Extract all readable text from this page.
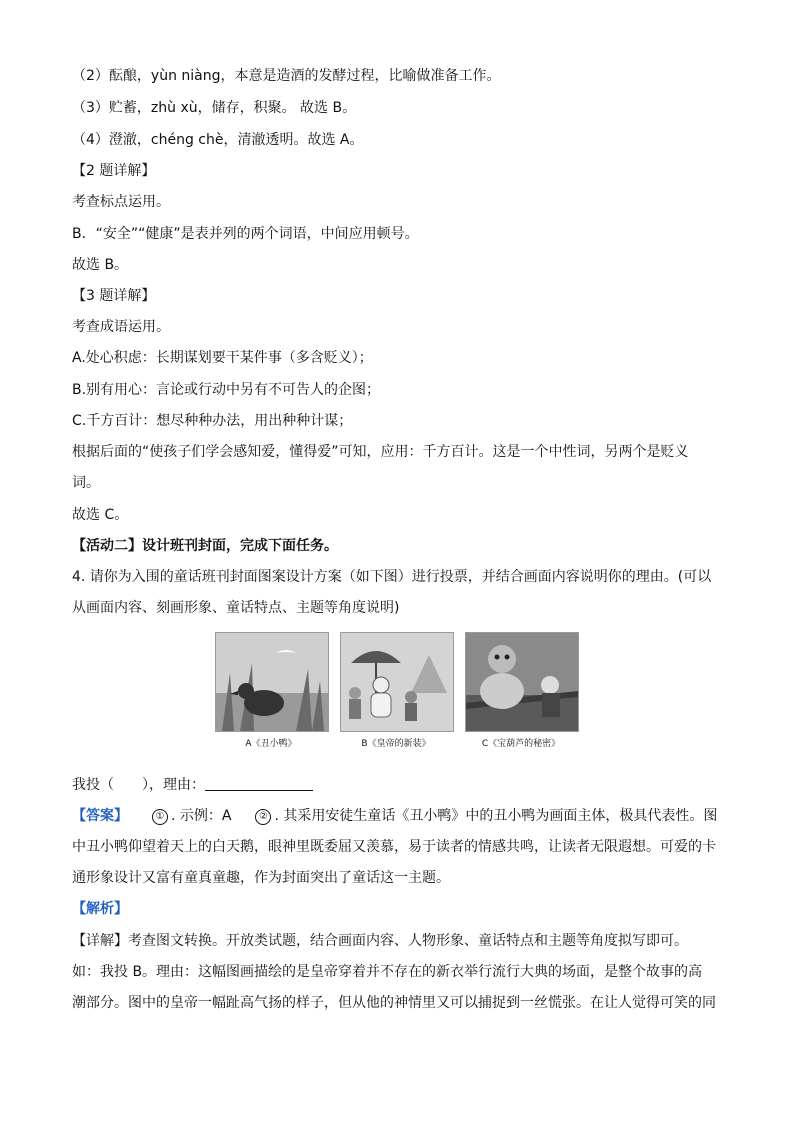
（2）酝酿，yùn niàng，本意是造酒的发酵过程，比喻做准备工作。
（3）贮蓄，zhù xù，储存，积聚。 故选 B。
（4）澄澈，chéng chè，清澈透明。故选 A。
【2 题详解】
考查标点运用。
B．“安全”“健康”是表并列的两个词语，中间应用顿号。
故选 B。
【3 题详解】
考查成语运用。
A.处心积虑：长期谋划要干某件事（多含贬义）；
B.别有用心：言论或行动中另有不可告人的企图；
C.千方百计：想尽种种办法，用出种种计谋；
根据后面的“使孩子们学会感知爱，懂得爱”可知，应用：千方百计。这是一个中性词，另两个是贬义
词。
故选 C。
【活动二】设计班刊封面，完成下面任务。
4. 请你为入围的童话班刊封面图案设计方案（如下图）进行投票，并结合画面内容说明你的理由。(可以
从画面内容、刻画形象、童话特点、主题等角度说明)
A《丑小鸭》	B《皇帝的新装》	C《宝葫芦的秘密》
我投（ ），理由：
【答案】	① . 示例：A	② . 其采用安徒生童话《丑小鸭》中的丑小鸭为画面主体，极具代表性。图
中丑小鸭仰望着天上的白天鹅，眼神里既委屈又羡慕，易于读者的情感共鸣，让读者无限遐想。可爱的卡
通形象设计又富有童真童趣，作为封面突出了童话这一主题。
【解析】
【详解】考查图文转换。开放类试题，结合画面内容、人物形象、童话特点和主题等角度拟写即可。
如：我投 B。理由：这幅图画描绘的是皇帝穿着并不存在的新衣举行流行大典的场面，是整个故事的高
潮部分。图中的皇帝一幅趾高气扬的样子，但从他的神情里又可以捕捉到一丝慌张。在让人觉得可笑的同
